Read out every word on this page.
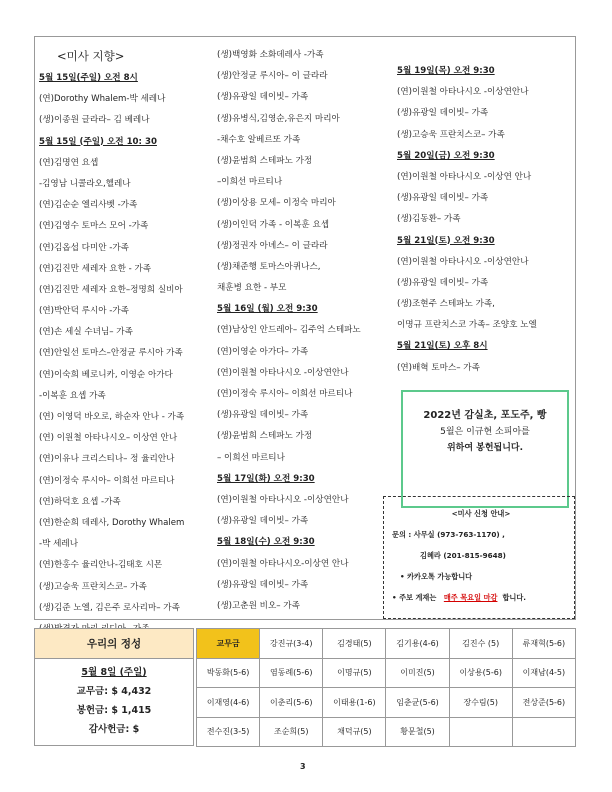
<미사 지향>
5월 15일(주일) 오전 8시
(연)Dorothy Whalem-박 세레나
(생)이종원 글라라– 김 베레나
5월 15일 (주일) 오전 10: 30
(연)김명연 요셉
-김영남 니콜라오,헬레나
(연)김순순 엘리사벳 -가족
(연)김영수 토마스 모어 -가족
(연)김옵섭 다미안 -가족
(연)김진만 세레자 요한 - 가족
(연)김진만 세레자 요한–정명희 실비아
(연)박안덕 루시아 -가족
(연)손 세실 수녀님– 가족
(연)안일선 토마스–안정균 루시아 가족
(연)이숙희 베로니카, 이영순 아가다
-이복훈 요셉 가족
(연) 이영덕 바오로, 하순자 안나 - 가족
(연) 이원철 아타나시오– 이상연 안나
(연)이유나 크리스티나– 정 율리안나
(연)이정숙 루시아– 이희선 마르티나
(연)하덕호 요셉 -가족
(연)한순희 데레사, Dorothy Whalem
-박 세레나
(연)한홍수 율리안나-김태호 시몬
(생)고승욱 프란치스코– 가족
(생)김준 노엘, 김은주 로사리마– 가족
(생)백영화 소화데레사 -가족
(생)안정균 루시아– 이 글라라
(생)유광일 데이빗– 가족
(생)유병식,김영순,유은지 마리아
-채수호 알베르또 가족
(생)윤범희 스테파노 가정
–이희선 마르티나
(생)이상용 모세– 이정숙 마리아
(생)이인덕 가족 - 이복훈 요셉
(생)정권자 아녜스– 이 글라라
(생)채준행 토마스아퀴나스,
채훈병 요한 - 부모
5월 16일 (월) 오전 9:30
(연)남상인 안드레아– 김주억 스테파노
(연)이영순 아가다– 가족
(연)이원철 아타나시오 -이상연안나
(연)이정숙 루시아– 이희선 마르티나
(생)유광일 데이빗– 가족
(생)윤범희 스테파노 가정
– 이희선 마르티나
5월 17일(화) 오전 9:30
(연)이원철 아타나시오 -이상연안나
(생)유광일 데이빗– 가족
5월 18일(수) 오전 9:30
(연)이원철 아타나시오-이상연 안나
(생)유광일 데이빗– 가족
(생)고춘원 비오– 가족
5월 19일(목) 오전 9:30
(연)이원철 아타나시오 -이상연안나
(생)유광일 데이빗– 가족
(생)고승욱 프란치스코– 가족
5월 20일(금) 오전 9:30
(연)이원철 아타나시오 -이상연 안나
(생)유광일 데이빗– 가족
(생)김동환– 가족
5월 21일(토) 오전 9:30
(연)이원철 아타나시오 -이상연안나
(생)유광일 데이빗– 가족
(생)조현주 스테파노 가족,
이명규 프란치스코 가족– 조양호 노엘
5월 21일(토) 오후 8시
(연)배혁 토마스– 가족
2022년 감실초, 포도주, 빵
5월은 이규현 소피아를
위하여 봉헌됩니다.
<미사 신청 안내>
문의 : 사무실 (973-763-1170) ,
김혜라 (201-815-9648)
• 카카오톡 가능합니다
• 주보 게재는 매주 목요일 마감 합니다.
우리의 정성
5월 8일 (주일)
교무금: $ 4,432
봉헌금: $ 1,415
감사헌금: $
교무금	강진규(3-4)	김경태(5)	김기용(4-6)	김진수 (5)	류재혁(5-6)
박동화(5-6)	염동례(5-6)	이명규(5)	이미진(5)	이상용(5-6)	이재남(4-5)
이재영(4-6)	이춘리(5-6)	이태용(1-6)	임춘균(5-6)	장수림(5)	전상준(5-6)
전수진(3-5)	조순희(5)	채덕규(5)	황문철(5)		
3
